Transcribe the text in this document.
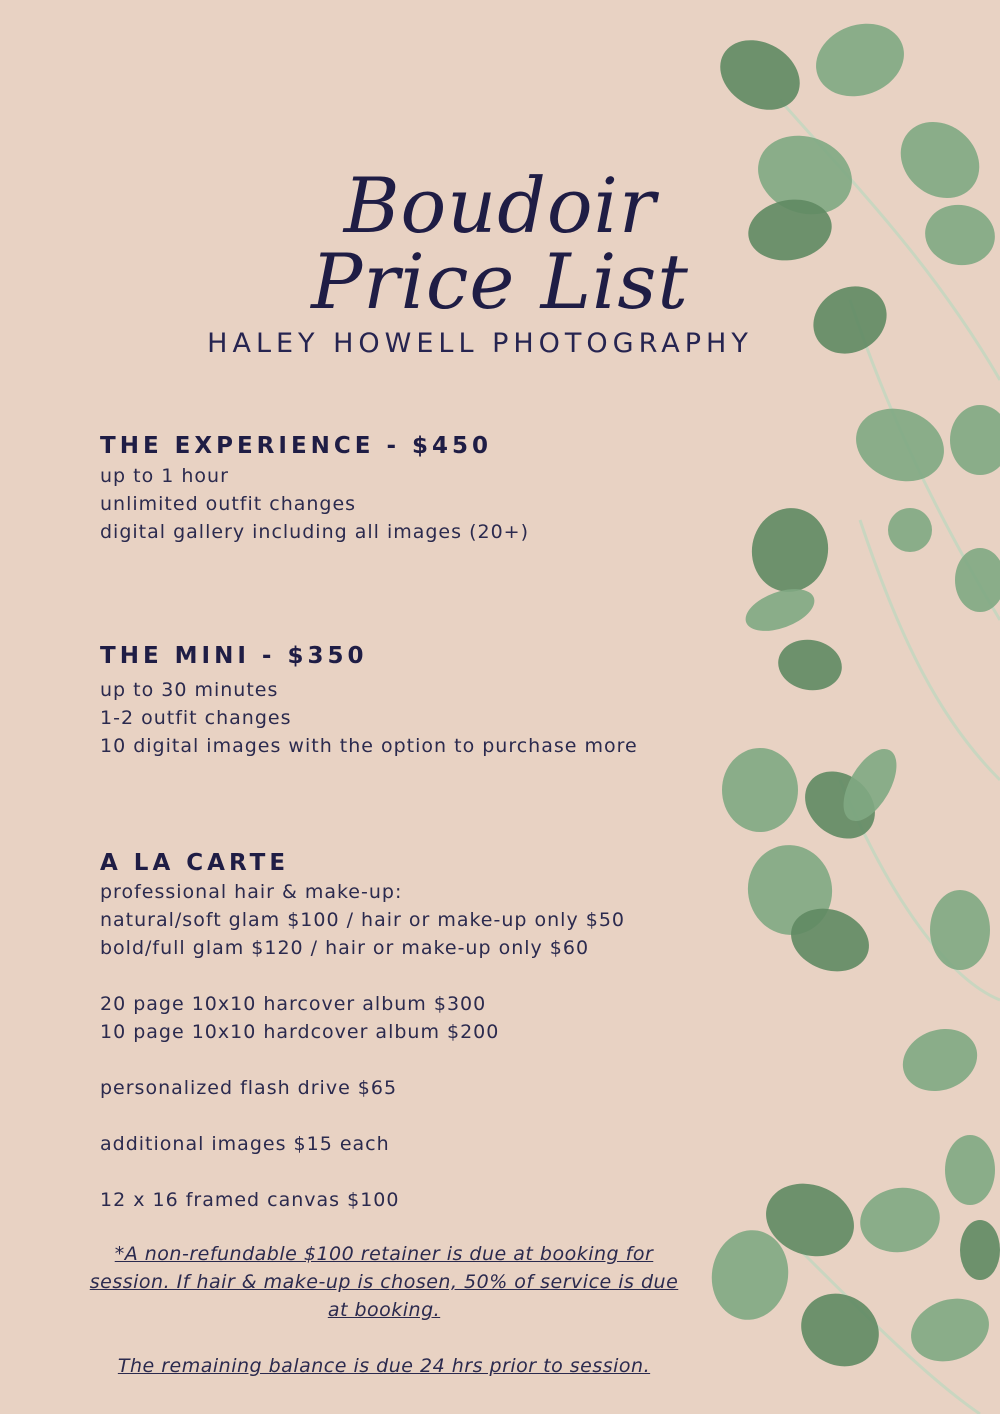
Boudoir Price List
HALEY HOWELL PHOTOGRAPHY
THE EXPERIENCE - $450
up to 1 hour
unlimited outfit changes
digital gallery including all images (20+)
THE MINI - $350
up to 30 minutes
1-2 outfit changes
10 digital images with the option to purchase more
A LA CARTE
professional hair & make-up:
natural/soft glam $100 / hair or make-up only $50
bold/full glam $120 / hair or make-up only $60
20 page 10x10 harcover album $300
10 page 10x10 hardcover album $200
personalized flash drive $65
additional images $15 each
12 x 16 framed canvas $100
*A non-refundable $100 retainer is due at booking for session. If hair & make-up is chosen, 50% of service is due at booking.
The remaining balance is due 24 hrs prior to session.
